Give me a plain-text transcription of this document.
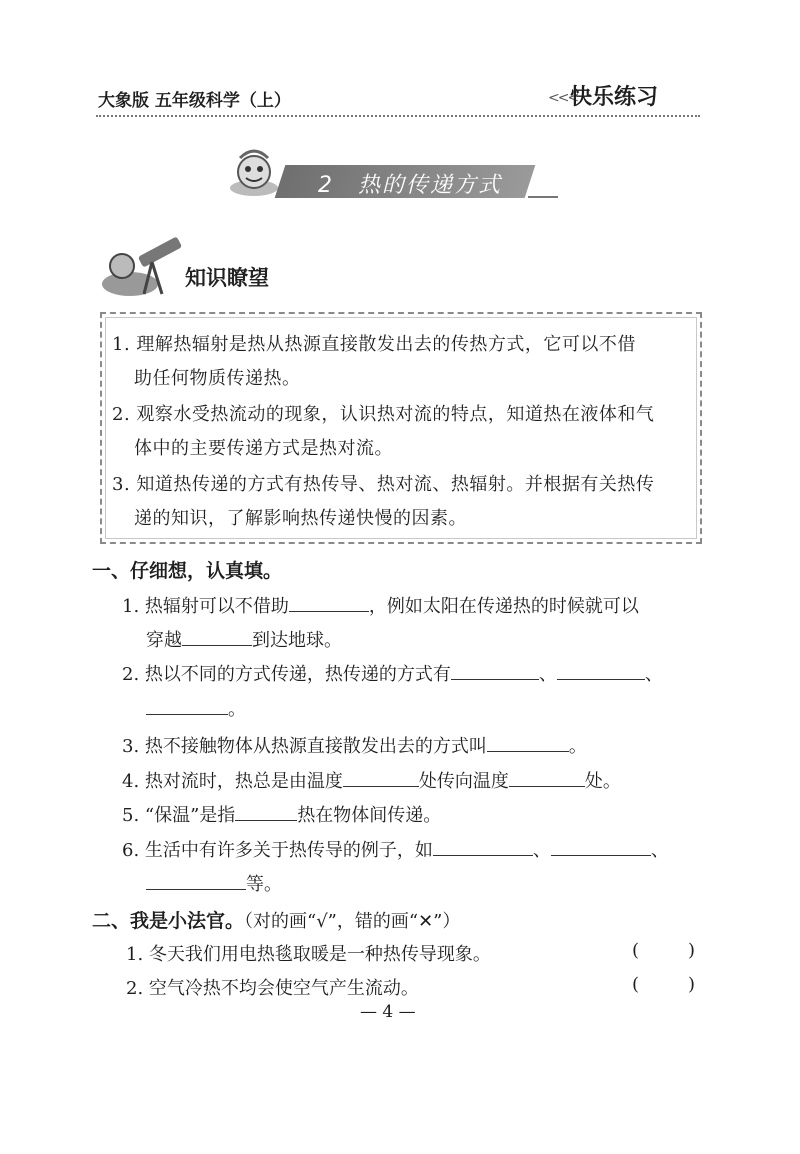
大象版 五年级科学（上）	<<<
快乐练习
2　热的传递方式
知识瞭望
1. 理解热辐射是热从热源直接散发出去的传热方式，它可以不借
助任何物质传递热。
2. 观察水受热流动的现象，认识热对流的特点，知道热在液体和气
体中的主要传递方式是热对流。
3. 知道热传递的方式有热传导、热对流、热辐射。并根据有关热传
递的知识，了解影响热传递快慢的因素。
一、仔细想，认真填。
1. 热辐射可以不借助	，例如太阳在传递热的时候就可以
穿越	到达地球。
2. 热以不同的方式传递，热传递的方式有	、	、
。
3. 热不接触物体从热源直接散发出去的方式叫	。
4. 热对流时，热总是由温度	处传向温度	处。
5. “保温”是指	热在物体间传递。
6. 生活中有许多关于热传导的例子，如	、	、
等。
二、我是小法官。（对的画“√”，错的画“✕”）
1. 冬天我们用电热毯取暖是一种热传导现象。	(	)
2. 空气冷热不均会使空气产生流动。	(	)
— 4 —
